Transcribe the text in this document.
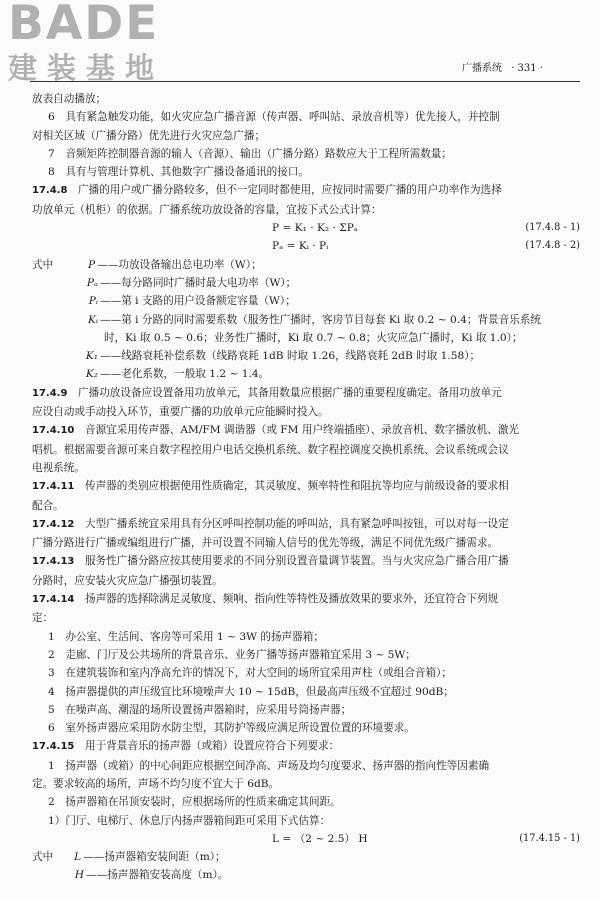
BADE
建装基地	广播系统 · 331 ·

放表自动播放；

6　具有紧急触发功能，如火灾应急广播音源（传声器、呼叫站、录放音机等）优先接人，并控制

对相关区域（广播分路）优先进行火灾应急广播；

7　音频矩阵控制器音源的输人（音源）、输出（广播分路）路数应大于工程所需数量；

8　具有与管理计算机、其他数字广播设备通讯的接口。

17.4.8　 广播的用户或广播分路较多，但不一定同时都使用，应按同时需要广播的用户功率作为选择

功放单元（机柜）的依据。广播系统功放设备的容量，宜按下式公式计算：

P = K₁ · K₂ · ΣPₐ	(17.4.8 - 1)
Pₐ = Kᵢ · Pᵢ	(17.4.8 - 2)

式中	P ——功放设备输出总电功率（W）；

Pₐ ——每分路同时广播时最大电功率（W）；

Pᵢ ——第 i 支路的用户设备额定容量（W）；

Kᵢ ——第 i 分路的同时需要系数（服务性广播时，客房节目每套 Ki 取 0.2 ~ 0.4；背景音乐系统

时，Ki 取 0.5 ~ 0.6；业务性广播时，Ki 取 0.7 ~ 0.8；火灾应急广播时，Ki 取 1.0）；

K₁ ——线路衰耗补偿系数（线路衰耗 1dB 时取 1.26，线路衰耗 2dB 时取 1.58）；

K₂ ——老化系数，一般取 1.2 ~ 1.4。

17.4.9　 广播功放设备应设置备用功放单元，其备用数量应根据广播的重要程度确定。备用功放单元

应设自动或手动投入环节，重要广播的功放单元应能瞬时投入。

17.4.10　 音源宜采用传声器、AM/FM 调谐器（或 FM 用户终端插座）、录放音机、数字播放机、激光

唱机。根据需要音源可来自数字程控用户电话交换机系统、数字程控调度交换机系统、会议系统或会议

电视系统。

17.4.11　 传声器的类别应根据使用性质确定，其灵敏度、频率特性和阻抗等均应与前级设备的要求相

配合。

17.4.12　 大型广播系统宜采用具有分区呼叫控制功能的呼叫站，具有紧急呼叫按钮，可以对每一设定

广播分路进行广播或编组进行广播，并可设置不同输人信号的优先等级，满足不同优先级广播需求。

17.4.13　 服务性广播分路应按其使用要求的不同分别设置音量调节装置。当与火灾应急广播合用广播

分路时，应安装火灾应急广播强切装置。

17.4.14　 扬声器的选择除满足灵敏度、频响、指向性等特性及播放效果的要求外，还宜符合下列规

定：

1　办公室、生活间、客房等可采用 1 ~ 3W 的扬声器箱；

2　走廊、门厅及公共场所的背景音乐、业务广播等扬声器箱宜采用 3 ~ 5W；

3　在建筑装饰和室内净高允许的情况下，对大空间的场所宜采用声柱（或组合音箱）；

4　扬声器提供的声压级宜比环境噪声大 10 ~ 15dB，但最高声压级不宜超过 90dB；

5　在噪声高、潮湿的场所设置扬声器箱时，应采用号筒扬声器；

6　室外扬声器应采用防水防尘型，其防护等级应满足所设置位置的环境要求。

17.4.15　 用于背景音乐的扬声器（或箱）设置应符合下列要求：

1　扬声器（或箱）的中心间距应根据空间净高、声场及均匀度要求、扬声器的指向性等因素确

定。要求较高的场所，声场不均匀度不宜大于 6dB。

2　扬声器箱在吊顶安装时，应根据场所的性质来确定其间距。

1）门厅、电梯厅、休息厅内扬声器箱间距可采用下式估算：

L = （2 ~ 2.5） H	(17.4.15 - 1)

式中 L ——扬声器箱安装间距（m）；

H ——扬声器箱安装高度（m）。
